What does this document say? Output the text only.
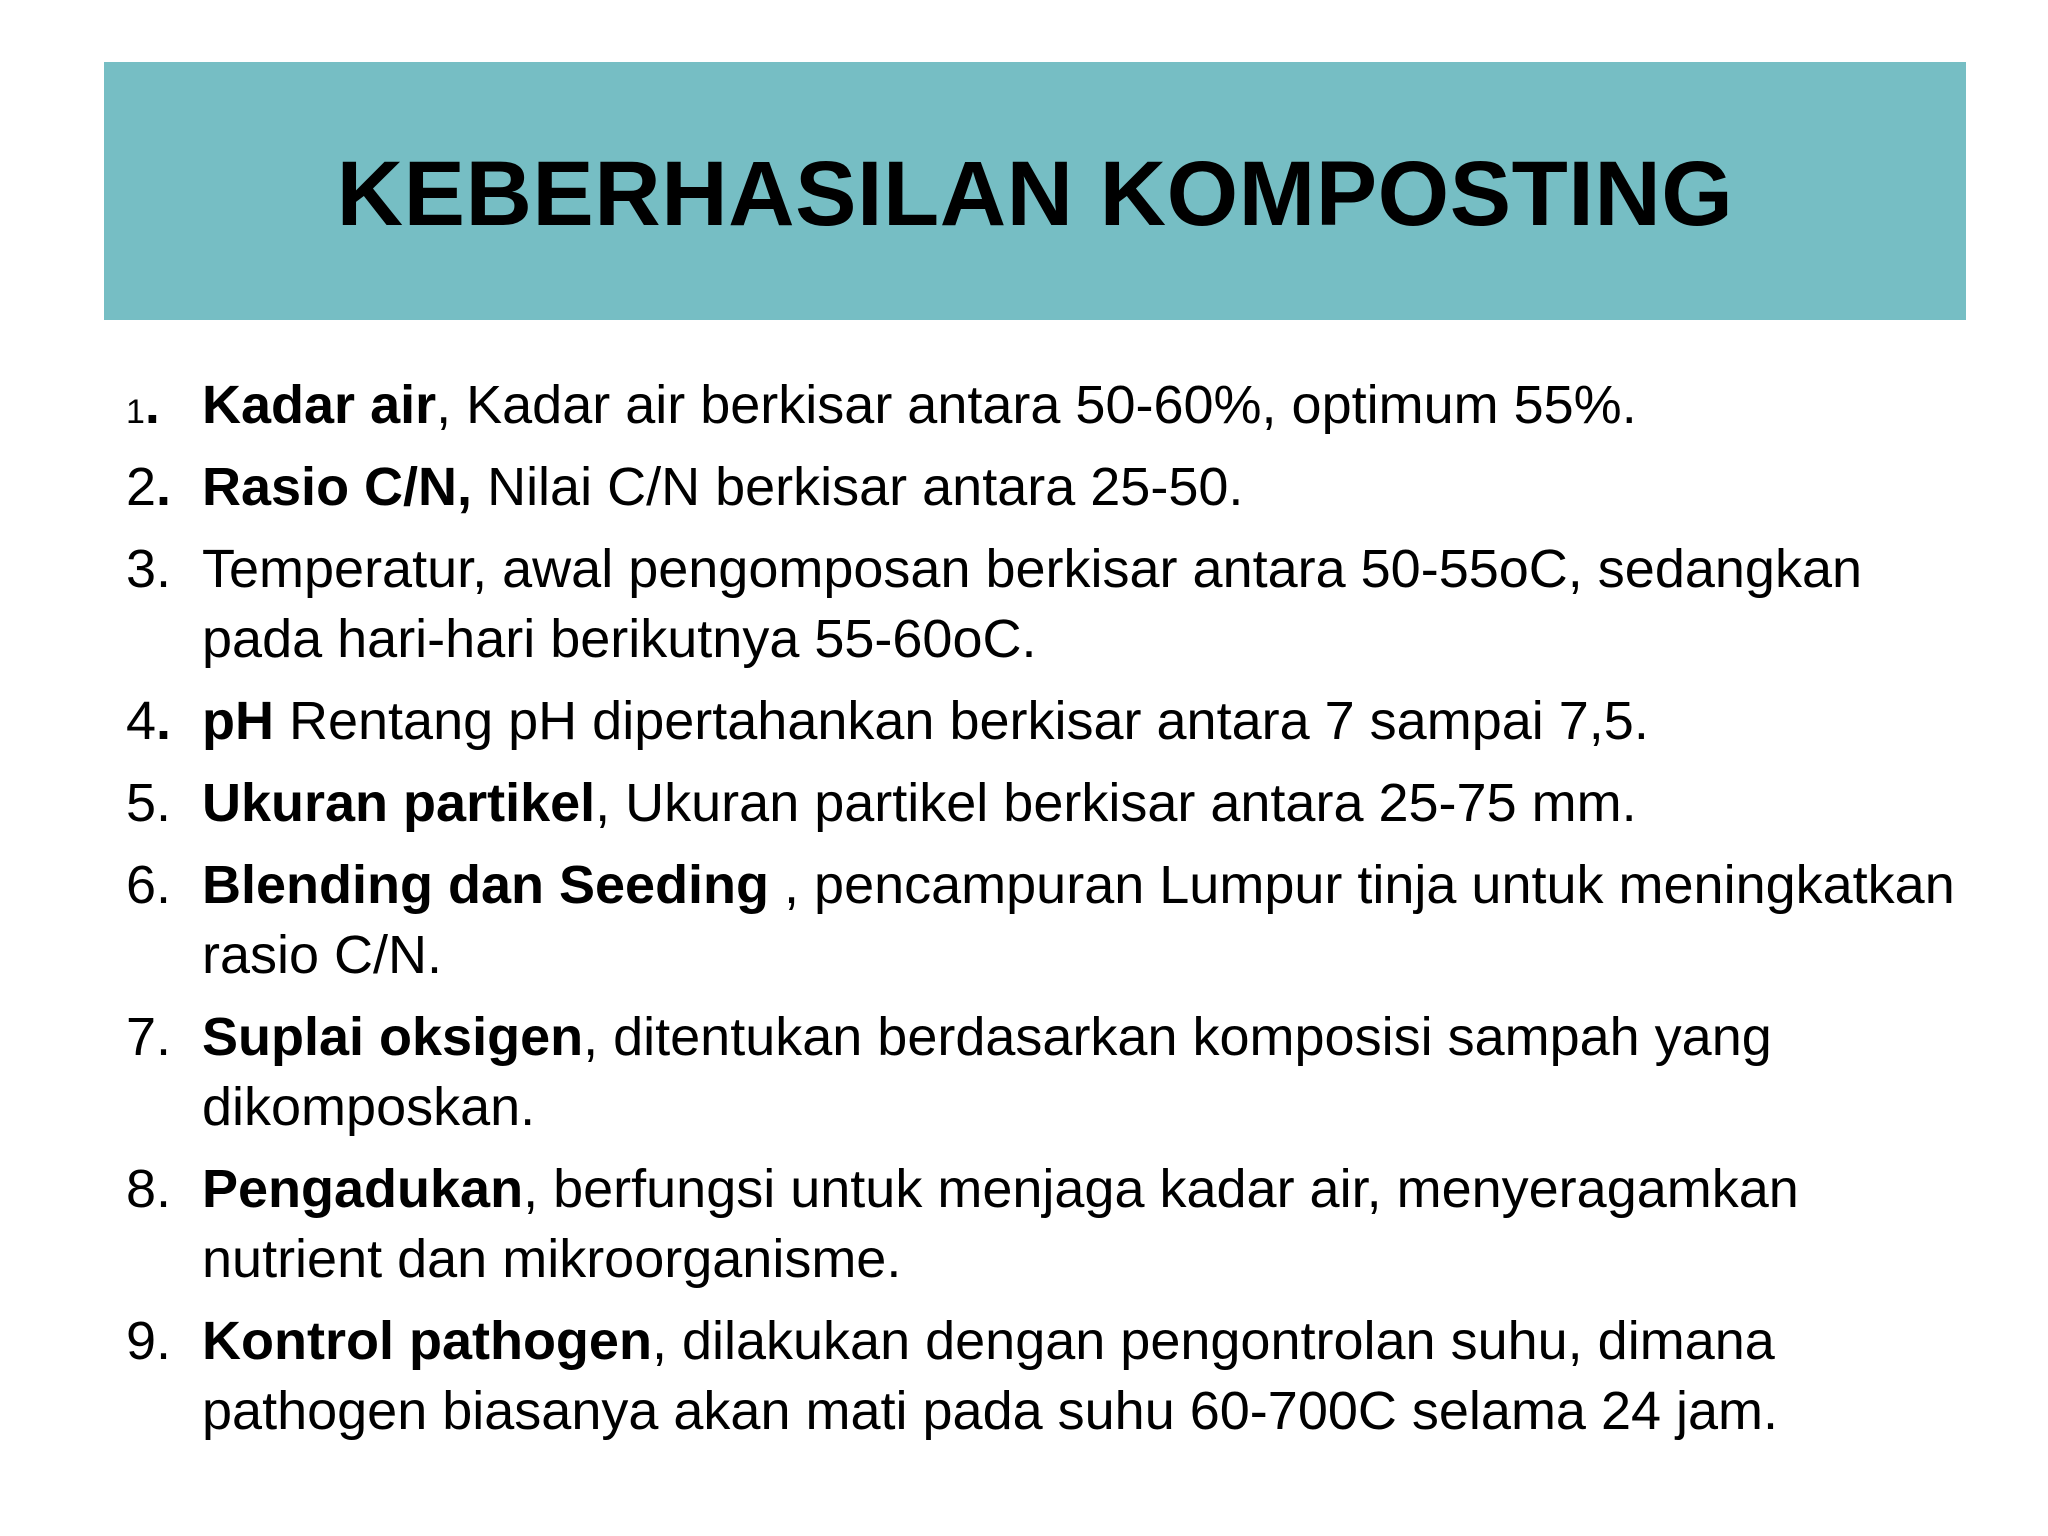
KEBERHASILAN KOMPOSTING
1. Kadar air, Kadar air berkisar antara 50-60%, optimum 55%.
2. Rasio C/N, Nilai C/N berkisar antara 25-50.
3. Temperatur, awal pengomposan berkisar antara 50-55oC, sedangkan pada hari-hari berikutnya 55-60oC.
4. pH Rentang pH dipertahankan berkisar antara 7 sampai 7,5.
5. Ukuran partikel, Ukuran partikel berkisar antara 25-75 mm.
6. Blending dan Seeding , pencampuran Lumpur tinja untuk meningkatkan rasio C/N.
7. Suplai oksigen, ditentukan berdasarkan komposisi sampah yang dikomposkan.
8. Pengadukan, berfungsi untuk menjaga kadar air, menyeragamkan nutrient dan mikroorganisme.
9. Kontrol pathogen, dilakukan dengan pengontrolan suhu, dimana pathogen biasanya akan mati pada suhu 60-700C selama 24 jam.
